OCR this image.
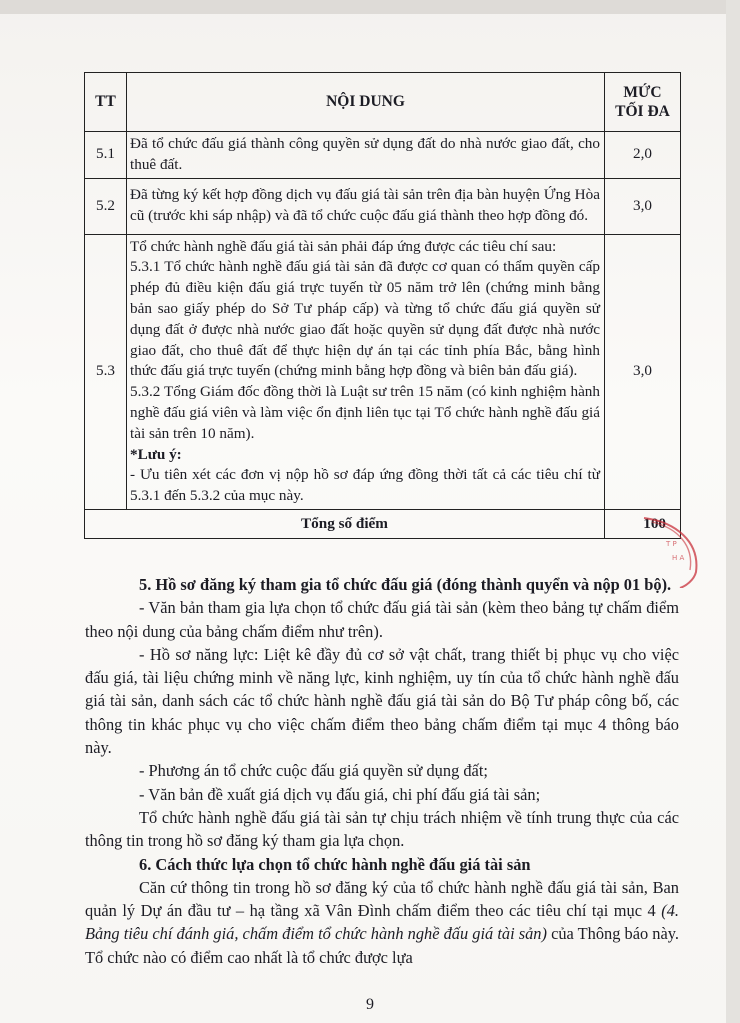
TT	NỘI DUNG	MỨC
TỐI ĐA
5.1	Đã tổ chức đấu giá thành công quyền sử dụng đất do nhà nước giao đất, cho thuê đất.	2,0
5.2	Đã từng ký kết hợp đồng dịch vụ đấu giá tài sản trên địa bàn huyện Ứng Hòa cũ (trước khi sáp nhập) và đã tổ chức cuộc đấu giá thành theo hợp đồng đó.	3,0
5.3	Tổ chức hành nghề đấu giá tài sản phải đáp ứng được các tiêu chí sau:

5.3.1 Tổ chức hành nghề đấu giá tài sản đã được cơ quan có thẩm quyền cấp phép đủ điều kiện đấu giá trực tuyến từ 05 năm trở lên (chứng minh bằng bản sao giấy phép do Sở Tư pháp cấp) và từng tổ chức đấu giá quyền sử dụng đất ở được nhà nước giao đất hoặc quyền sử dụng đất được nhà nước giao đất, cho thuê đất để thực hiện dự án tại các tỉnh phía Bắc, bằng hình thức đấu giá trực tuyến (chứng minh bằng hợp đồng và biên bản đấu giá).

5.3.2 Tổng Giám đốc đồng thời là Luật sư trên 15 năm (có kinh nghiệm hành nghề đấu giá viên và làm việc ổn định liên tục tại Tổ chức hành nghề đấu giá tài sản trên 10 năm).

*Lưu ý:

- Ưu tiên xét các đơn vị nộp hồ sơ đáp ứng đồng thời tất cả các tiêu chí từ 5.3.1 đến 5.3.2 của mục này.	3,0
Tổng số điểm		100

5. Hồ sơ đăng ký tham gia tổ chức đấu giá (đóng thành quyển và nộp 01 bộ).

- Văn bản tham gia lựa chọn tổ chức đấu giá tài sản (kèm theo bảng tự chấm điểm theo nội dung của bảng chấm điểm như trên).

- Hồ sơ năng lực: Liệt kê đầy đủ cơ sở vật chất, trang thiết bị phục vụ cho việc đấu giá, tài liệu chứng minh về năng lực, kinh nghiệm, uy tín của tổ chức hành nghề đấu giá tài sản, danh sách các tổ chức hành nghề đấu giá tài sản do Bộ Tư pháp công bố, các thông tin khác phục vụ cho việc chấm điểm theo bảng chấm điểm tại mục 4 thông báo này.

- Phương án tổ chức cuộc đấu giá quyền sử dụng đất;

- Văn bản đề xuất giá dịch vụ đấu giá, chi phí đấu giá tài sản;

Tổ chức hành nghề đấu giá tài sản tự chịu trách nhiệm về tính trung thực của các thông tin trong hồ sơ đăng ký tham gia lựa chọn.

6. Cách thức lựa chọn tổ chức hành nghề đấu giá tài sản

Căn cứ thông tin trong hồ sơ đăng ký của tổ chức hành nghề đấu giá tài sản, Ban quản lý Dự án đầu tư – hạ tầng xã Vân Đình chấm điểm theo các tiêu chí tại mục 4 (4. Bảng tiêu chí đánh giá, chấm điểm tổ chức hành nghề đấu giá tài sản) của Thông báo này. Tổ chức nào có điểm cao nhất là tổ chức được lựa

T P
H A
9
